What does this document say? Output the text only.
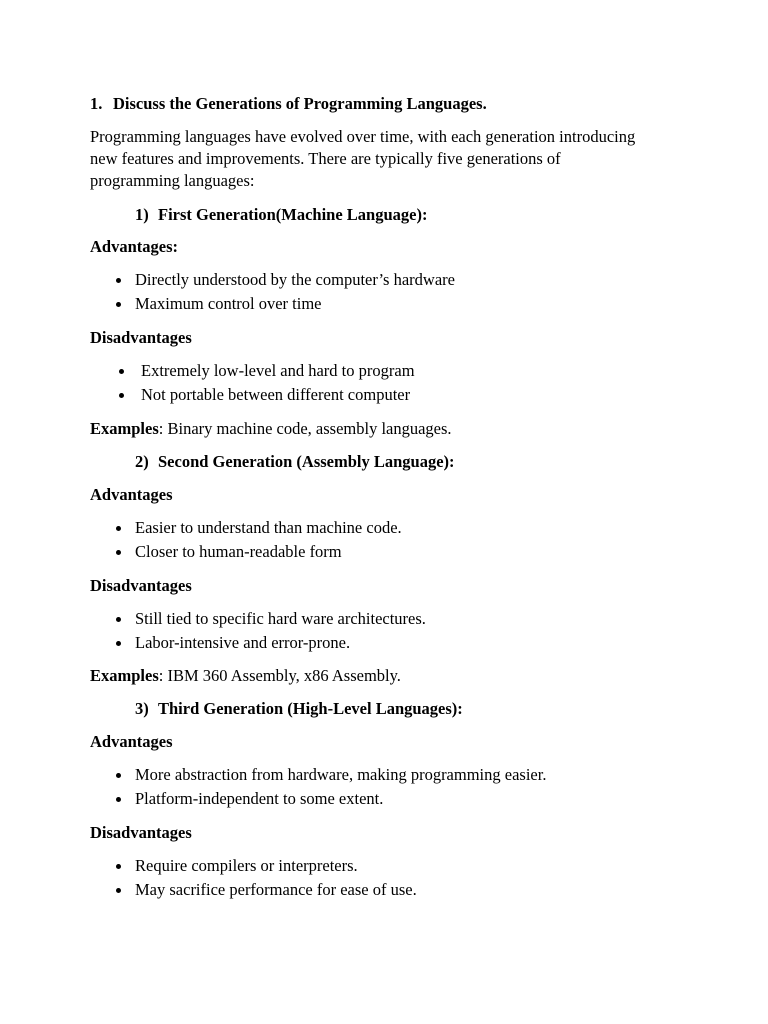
1. Discuss the Generations of Programming Languages.

Programming languages have evolved over time, with each generation introducing
new features and improvements. There are typically five generations of
programming languages:

1) First Generation(Machine Language):

Advantages:

Directly understood by the computer’s hardware
Maximum control over time

Disadvantages

Extremely low-level and hard to program
Not portable between different computer

Examples: Binary machine code, assembly languages.

2) Second Generation (Assembly Language):

Advantages

Easier to understand than machine code.
Closer to human-readable form

Disadvantages

Still tied to specific hard ware architectures.
Labor-intensive and error-prone.

Examples: IBM 360 Assembly, x86 Assembly.

3) Third Generation (High-Level Languages):

Advantages

More abstraction from hardware, making programming easier.
Platform-independent to some extent.

Disadvantages

Require compilers or interpreters.
May sacrifice performance for ease of use.
